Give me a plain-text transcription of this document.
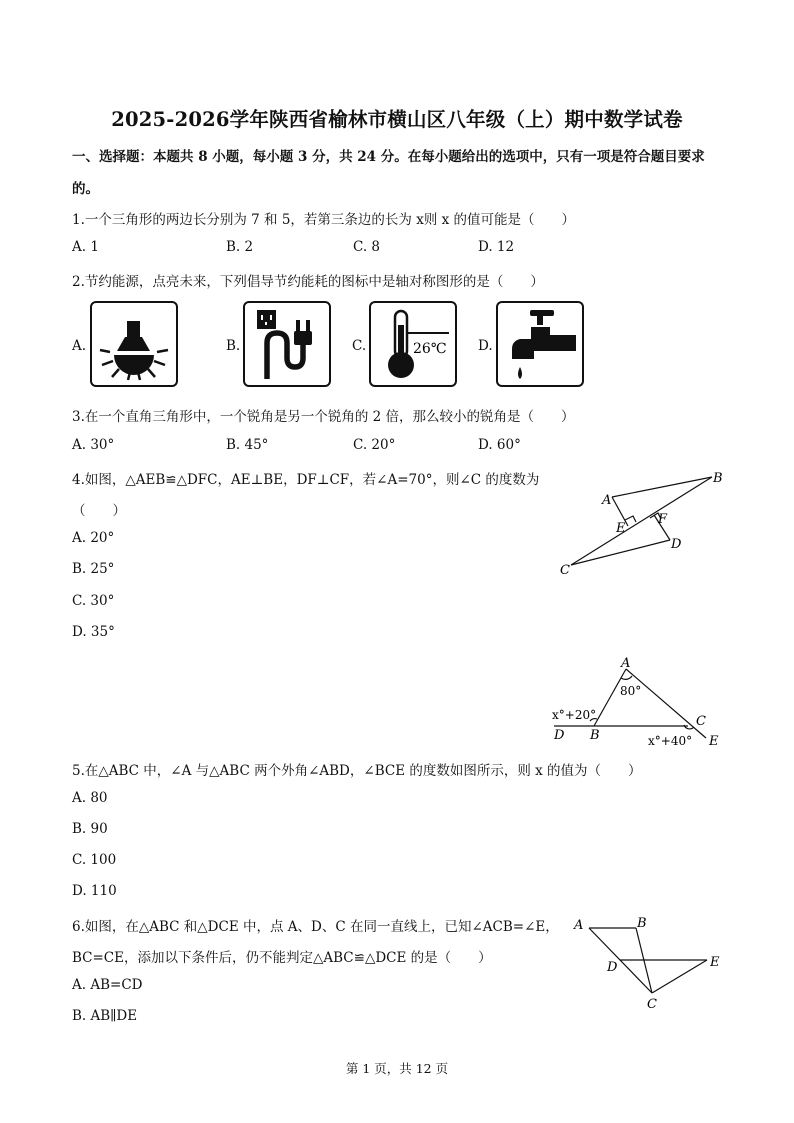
2025-2026学年陕西省榆林市横山区八年级（上）期中数学试卷
一、选择题：本题共 8 小题，每小题 3 分，共 24 分。在每小题给出的选项中，只有一项是符合题目要求
的。
1.一个三角形的两边长分别为 7 和 5，若第三条边的长为 x则 x 的值可能是（　　）
A. 1	B. 2	C. 8	D. 12
2.节约能源，点亮未来，下列倡导节约能耗的图标中是轴对称图形的是（　　）
A.	B.	C.	26℃ D.
3.在一个直角三角形中，一个锐角是另一个锐角的 2 倍，那么较小的锐角是（　　）
A. 30°	B. 45°	C. 20°	D. 60°
4.如图，△AEB≌△DFC，AE⊥BE，DF⊥CF，若∠A=70°，则∠C 的度数为
（　　）
A. 20°
B. 25°
C. 30°
D. 35°
A
B
C
D
E
F
A
B
C
D	E
80°
x°+20°
x°+40°
5.在△ABC 中，∠A 与△ABC 两个外角∠ABD，∠BCE 的度数如图所示，则 x 的值为（　　）
A. 80
B. 90
C. 100
D. 110
6.如图，在△ABC 和△DCE 中，点 A、D、C 在同一直线上，已知∠ACB=∠E，
BC=CE，添加以下条件后，仍不能判定△ABC≌△DCE 的是（　　）
A. AB=CD
B. AB∥DE
A	B
C
D	E
第 1 页，共 12 页
